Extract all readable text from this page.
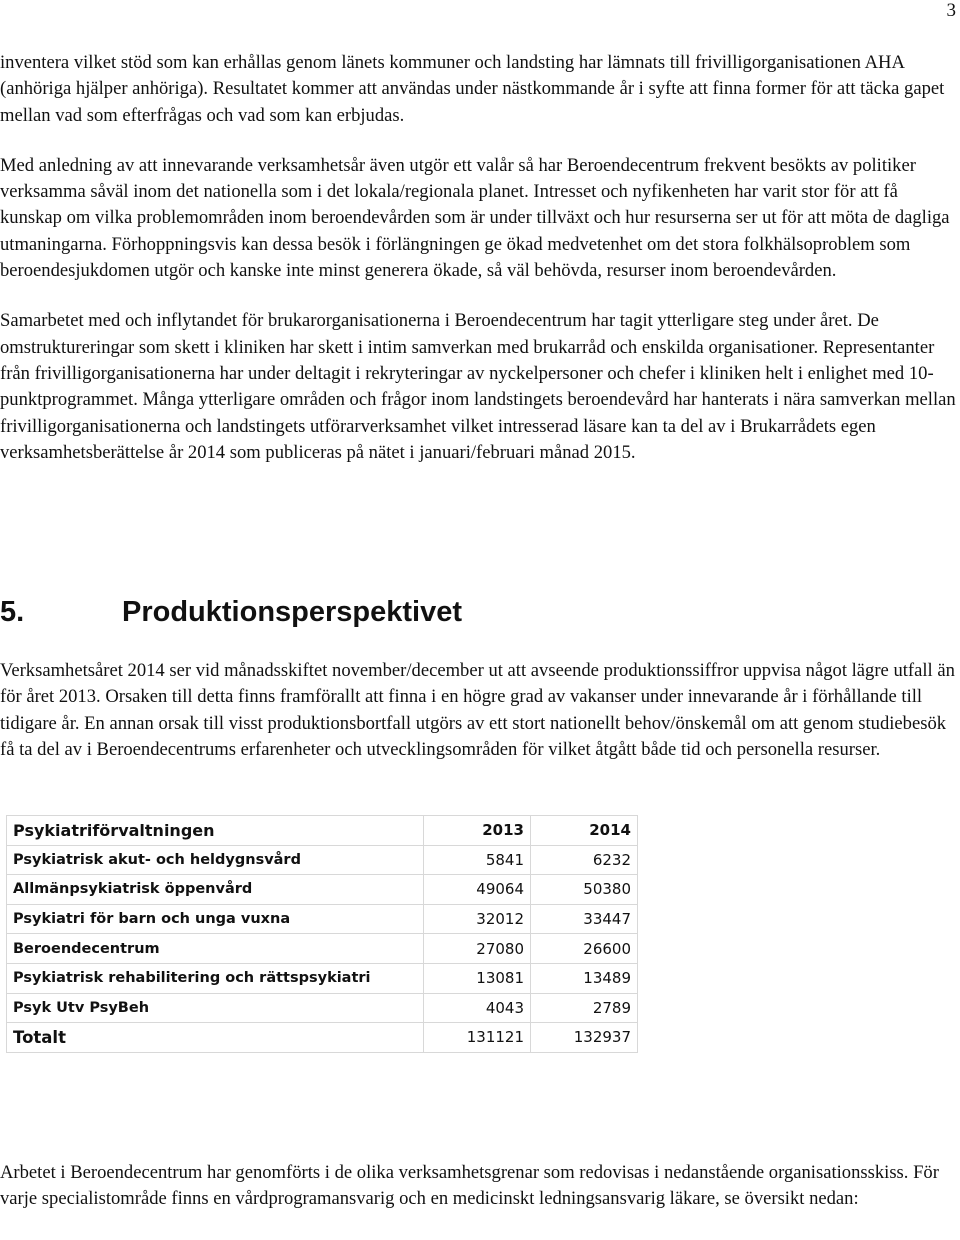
3

inventera vilket stöd som kan erhållas genom länets kommuner och landsting har lämnats till frivilligorganisationen AHA (anhöriga hjälper anhöriga). Resultatet kommer att användas under nästkommande år i syfte att finna former för att täcka gapet mellan vad som efterfrågas och vad som kan erbjudas.

Med anledning av att innevarande verksamhetsår även utgör ett valår så har Beroendecentrum frekvent besökts av politiker verksamma såväl inom det nationella som i det lokala/regionala planet. Intresset och nyfikenheten har varit stor för att få kunskap om vilka problemområden inom beroendevården som är under tillväxt och hur resurserna ser ut för att möta de dagliga utmaningarna. Förhoppningsvis kan dessa besök i förlängningen ge ökad medvetenhet om det stora folkhälsoproblem som beroendesjukdomen utgör och kanske inte minst generera ökade, så väl behövda, resurser inom beroendevården.

Samarbetet med och inflytandet för brukarorganisationerna i Beroendecentrum har tagit ytterligare steg under året. De omstruktureringar som skett i kliniken har skett i intim samverkan med brukarråd och enskilda organisationer. Representanter från frivilligorganisationerna har under deltagit i rekryteringar av nyckelpersoner och chefer i kliniken helt i enlighet med 10-punktprogrammet. Många ytterligare områden och frågor inom landstingets beroendevård har hanterats i nära samverkan mellan frivilligorganisationerna och landstingets utförarverksamhet vilket intresserad läsare kan ta del av i Brukarrådets egen verksamhetsberättelse år 2014 som publiceras på nätet i januari/februari månad 2015.

5.	Produktionsperspektivet

Verksamhetsåret 2014 ser vid månadsskiftet november/december ut att avseende produktionssiffror uppvisa något lägre utfall än för året 2013. Orsaken till detta finns framförallt att finna i en högre grad av vakanser under innevarande år i förhållande till tidigare år. En annan orsak till visst produktionsbortfall utgörs av ett stort nationellt behov/önskemål om att genom studiebesök få ta del av i Beroendecentrums erfarenheter och utvecklingsområden för vilket åtgått både tid och personella resurser.

Psykiatriförvaltningen	2013	2014
Psykiatrisk akut- och heldygnsvård	5841	6232
Allmänpsykiatrisk öppenvård	49064	50380
Psykiatri för barn och unga vuxna	32012	33447
Beroendecentrum	27080	26600
Psykiatrisk rehabilitering och rättspsykiatri	13081	13489
Psyk Utv PsyBeh	4043	2789
Totalt	131121	132937

Arbetet i Beroendecentrum har genomförts i de olika verksamhetsgrenar som redovisas i nedanstående organisationsskiss. För varje specialistområde finns en vårdprogramansvarig och en medicinskt ledningsansvarig läkare, se översikt nedan:
